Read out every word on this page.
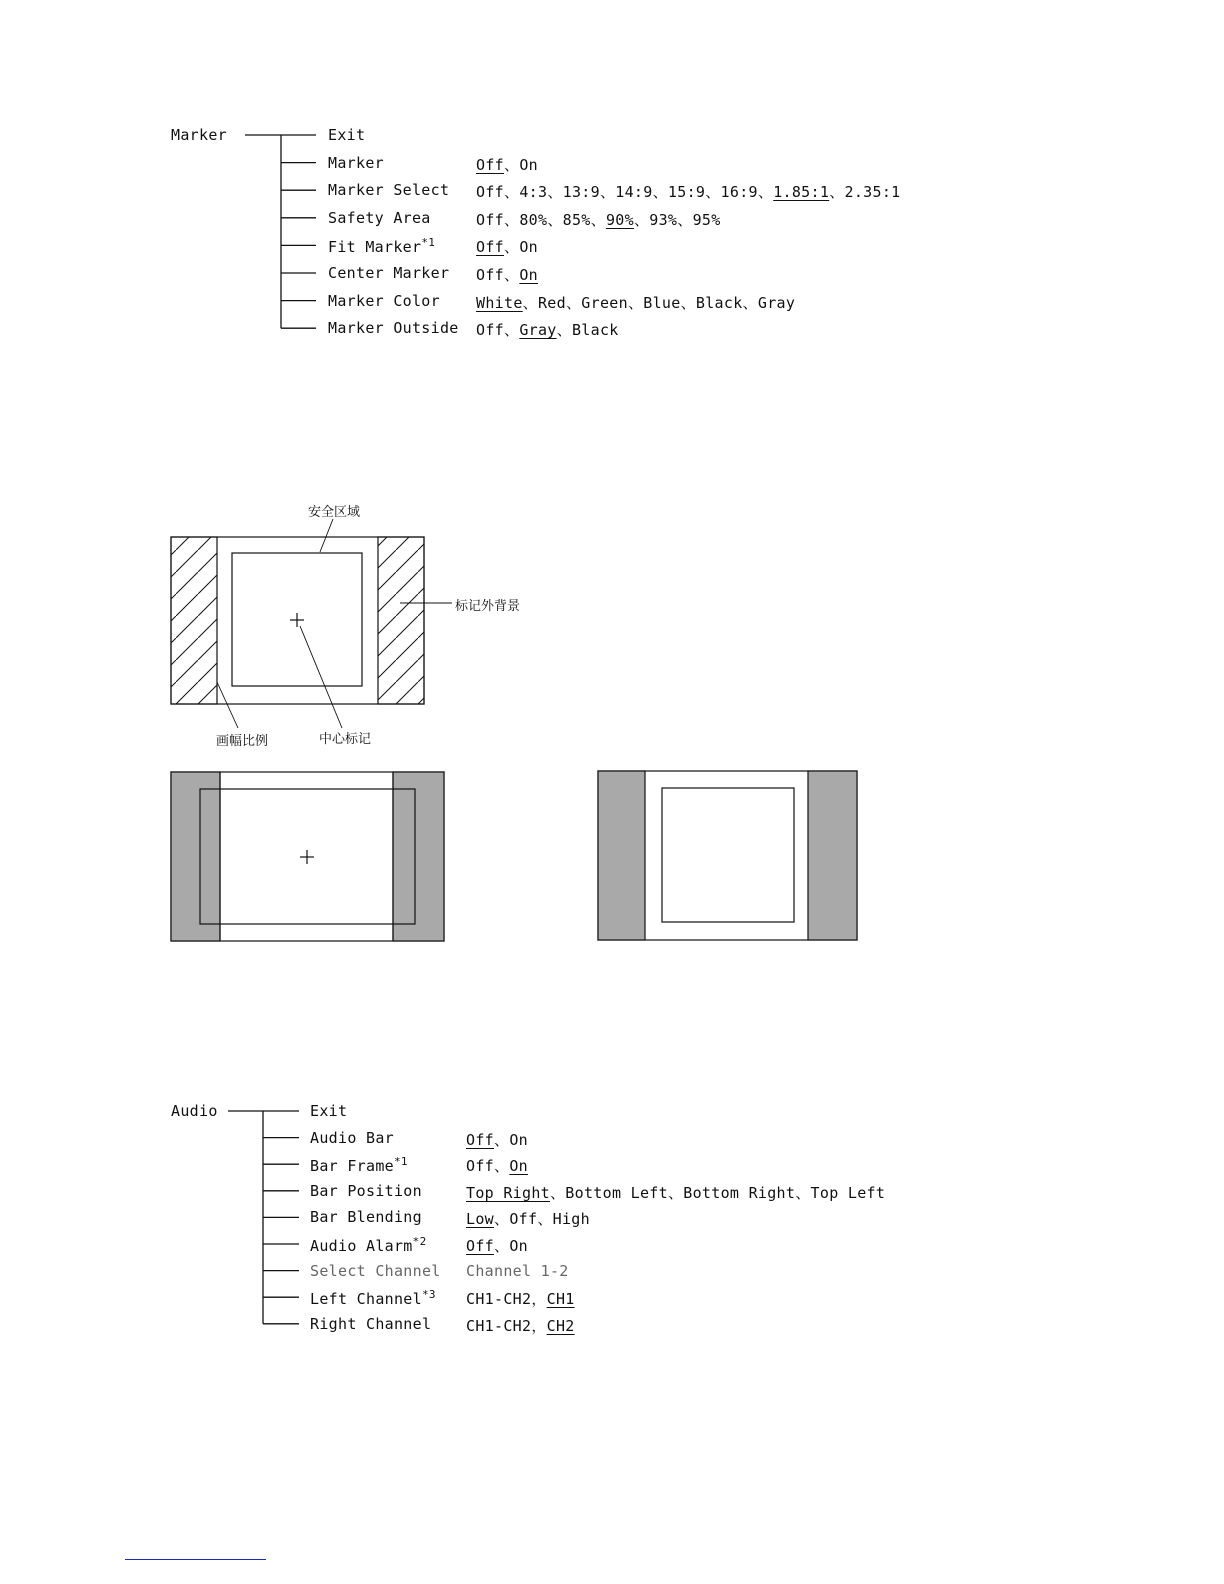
Marker	Exit
Marker	Off、On
Marker Select Off、4:3、13:9、14:9、15:9、16:9、1.85:1、2.35:1
Safety Area	Off、80%、85%、90%、93%、95%
Fit Marker$^{*1}$	Off、On
Center Marker Off、On
Marker Color White、Red、Green、Blue、Black、Gray
Marker Outside Off、Gray、Black
安全区域
标记外背景
画幅比例	中心标记
Audio	Exit
Audio Bar	Off、On
Bar Frame$^{*1}$	Off、On
Bar Position	Top Right、Bottom Left、Bottom Right、Top Left
Bar Blending	Low、Off、High
Audio Alarm$^{*2}$	Off、On
Select Channel Channel 1-2
Left Channel$^{*3}$ CH1-CH2，CH1
Right Channel CH1-CH2，CH2
